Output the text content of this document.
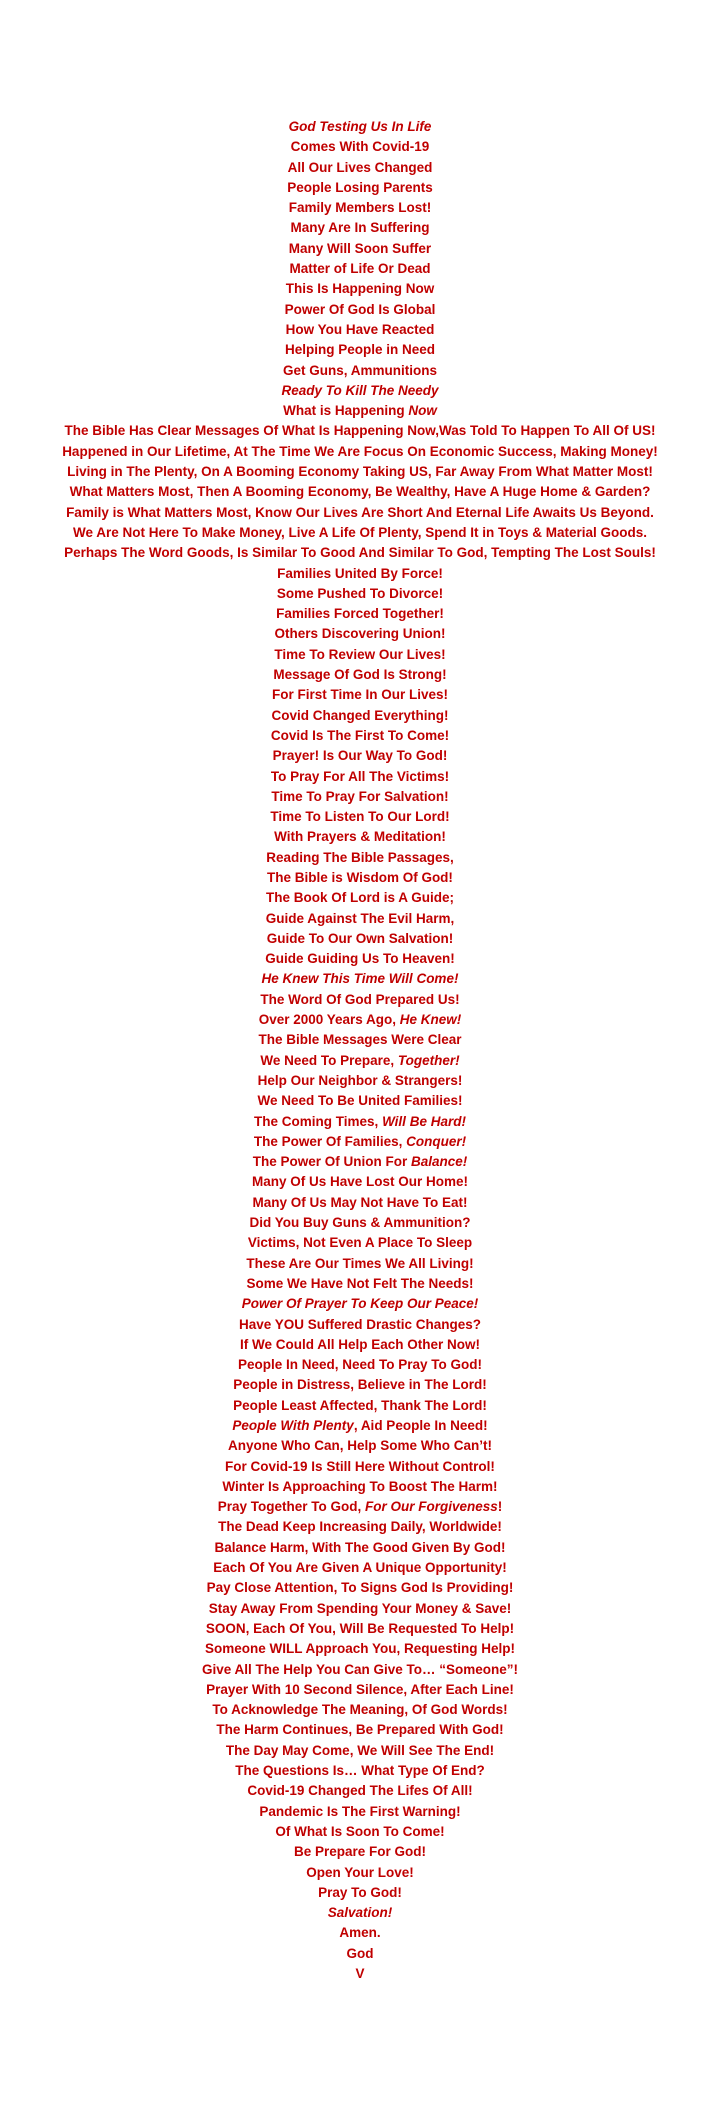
God Testing Us In Life
Comes With Covid-19
All Our Lives Changed
People Losing Parents
Family Members Lost!
Many Are In Suffering
Many Will Soon Suffer
Matter of Life Or Dead
This Is Happening Now
Power Of God Is Global
How You Have Reacted
Helping People in Need
Get Guns, Ammunitions
Ready To Kill The Needy
What is Happening Now
The Bible Has Clear Messages Of What Is Happening Now,Was Told To Happen To All Of US!
Happened in Our Lifetime, At The Time We Are Focus On Economic Success, Making Money!
Living in The Plenty, On A Booming Economy Taking US, Far Away From What Matter Most!
What Matters Most, Then A Booming Economy, Be Wealthy, Have A Huge Home & Garden?
Family is What Matters Most, Know Our Lives Are Short And Eternal Life Awaits Us Beyond.
We Are Not Here To Make Money, Live A Life Of Plenty, Spend It in Toys & Material Goods.
Perhaps The Word Goods, Is Similar To Good And Similar To God, Tempting The Lost Souls!
Families United By Force!
Some Pushed To Divorce!
Families Forced Together!
Others Discovering Union!
Time To Review Our Lives!
Message Of God Is Strong!
For First Time In Our Lives!
Covid Changed Everything!
Covid Is The First To Come!
Prayer! Is Our Way To God!
To Pray For All The Victims!
Time To Pray For Salvation!
Time To Listen To Our Lord!
With Prayers & Meditation!
Reading The Bible Passages,
The Bible is Wisdom Of God!
The Book Of Lord is A Guide;
Guide Against The Evil Harm,
Guide To Our Own Salvation!
Guide Guiding Us To Heaven!
He Knew This Time Will Come!
The Word Of God Prepared Us!
Over 2000 Years Ago, He Knew!
The Bible Messages Were Clear
We Need To Prepare, Together!
Help Our Neighbor & Strangers!
We Need To Be United Families!
The Coming Times, Will Be Hard!
The Power Of Families, Conquer!
The Power Of Union For Balance!
Many Of Us Have Lost Our Home!
Many Of Us May Not Have To Eat!
Did You Buy Guns & Ammunition?
Victims, Not Even A Place To Sleep
These Are Our Times We All Living!
Some We Have Not Felt The Needs!
Power Of Prayer To Keep Our Peace!
Have YOU Suffered Drastic Changes?
If We Could All Help Each Other Now!
People In Need, Need To Pray To God!
People in Distress, Believe in The Lord!
People Least Affected, Thank The Lord!
People With Plenty, Aid People In Need!
Anyone Who Can, Help Some Who Can’t!
For Covid-19 Is Still Here Without Control!
Winter Is Approaching To Boost The Harm!
Pray Together To God, For Our Forgiveness!
The Dead Keep Increasing Daily, Worldwide!
Balance Harm, With The Good Given By God!
Each Of You Are Given A Unique Opportunity!
Pay Close Attention, To Signs God Is Providing!
Stay Away From Spending Your Money & Save!
SOON, Each Of You, Will Be Requested To Help!
Someone WILL Approach You, Requesting Help!
Give All The Help You Can Give To… “Someone”!
Prayer With 10 Second Silence, After Each Line!
To Acknowledge The Meaning, Of God Words!
The Harm Continues, Be Prepared With God!
The Day May Come, We Will See The End!
The Questions Is… What Type Of End?
Covid-19 Changed The Lifes Of All!
Pandemic Is The First Warning!
Of What Is Soon To Come!
Be Prepare For God!
Open Your Love!
Pray To God!
Salvation!
Amen.
God
V
